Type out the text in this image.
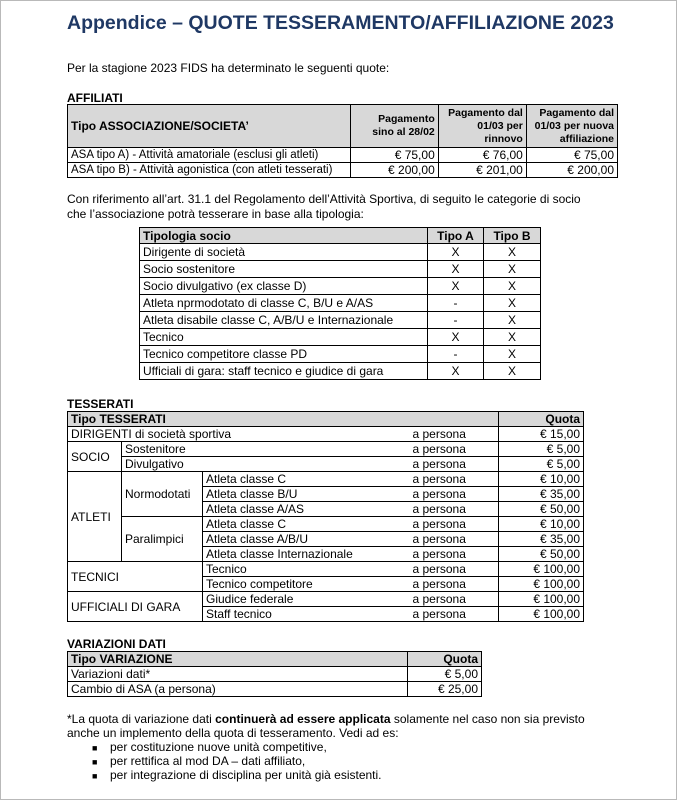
Appendice – QUOTE TESSERAMENTO/AFFILIAZIONE 2023
Per la stagione 2023 FIDS ha determinato le seguenti quote:
AFFILIATI
Tipo ASSOCIAZIONE/SOCIETA’	Pagamento sino al 28/02	Pagamento dal 01/03 per rinnovo	Pagamento dal 01/03 per nuova affiliazione
ASA tipo A) - Attività amatoriale (esclusi gli atleti)	€ 75,00	€ 76,00	€ 75,00
ASA tipo B) - Attività agonistica (con atleti tesserati)	€ 200,00	€ 201,00	€ 200,00
Con riferimento all’art. 31.1 del Regolamento dell’Attività Sportiva, di seguito le categorie di socio
che l’associazione potrà tesserare in base alla tipologia:
Tipologia socio	Tipo A	Tipo B
Dirigente di società	X	X
Socio sostenitore	X	X
Socio divulgativo (ex classe D)	X	X
Atleta nprmodotato di classe C, B/U e A/AS	-	X
Atleta disabile classe C, A/B/U e Internazionale	-	X
Tecnico	X	X
Tecnico competitore classe PD	-	X
Ufficiali di gara: staff tecnico e giudice di gara	X	X
TESSERATI
Tipo TESSERATI				Quota
DIRIGENTI di società sportiva			a persona	€ 15,00
SOCIO	Sostenitore		a persona	€ 5,00
	Divulgativo		a persona	€ 5,00
ATLETI	Normodotati	Atleta classe C	a persona	€ 10,00
		Atleta classe B/U	a persona	€ 35,00
		Atleta classe A/AS	a persona	€ 50,00
	Paralimpici	Atleta classe C	a persona	€ 10,00
		Atleta classe A/B/U	a persona	€ 35,00
		Atleta classe Internazionale	a persona	€ 50,00
TECNICI		Tecnico	a persona	€ 100,00
		Tecnico competitore	a persona	€ 100,00
UFFICIALI DI GARA		Giudice federale	a persona	€ 100,00
		Staff tecnico	a persona	€ 100,00
VARIAZIONI DATI
Tipo VARIAZIONE	Quota
Variazioni dati*	€ 5,00
Cambio di ASA (a persona)	€ 25,00
*La quota di variazione dati continuerà ad essere applicata solamente nel caso non sia previsto
anche un implemento della quota di tesseramento. Vedi ad es:
■ per costituzione nuove unità competitive,
■ per rettifica al mod DA – dati affiliato,
■ per integrazione di disciplina per unità già esistenti.
